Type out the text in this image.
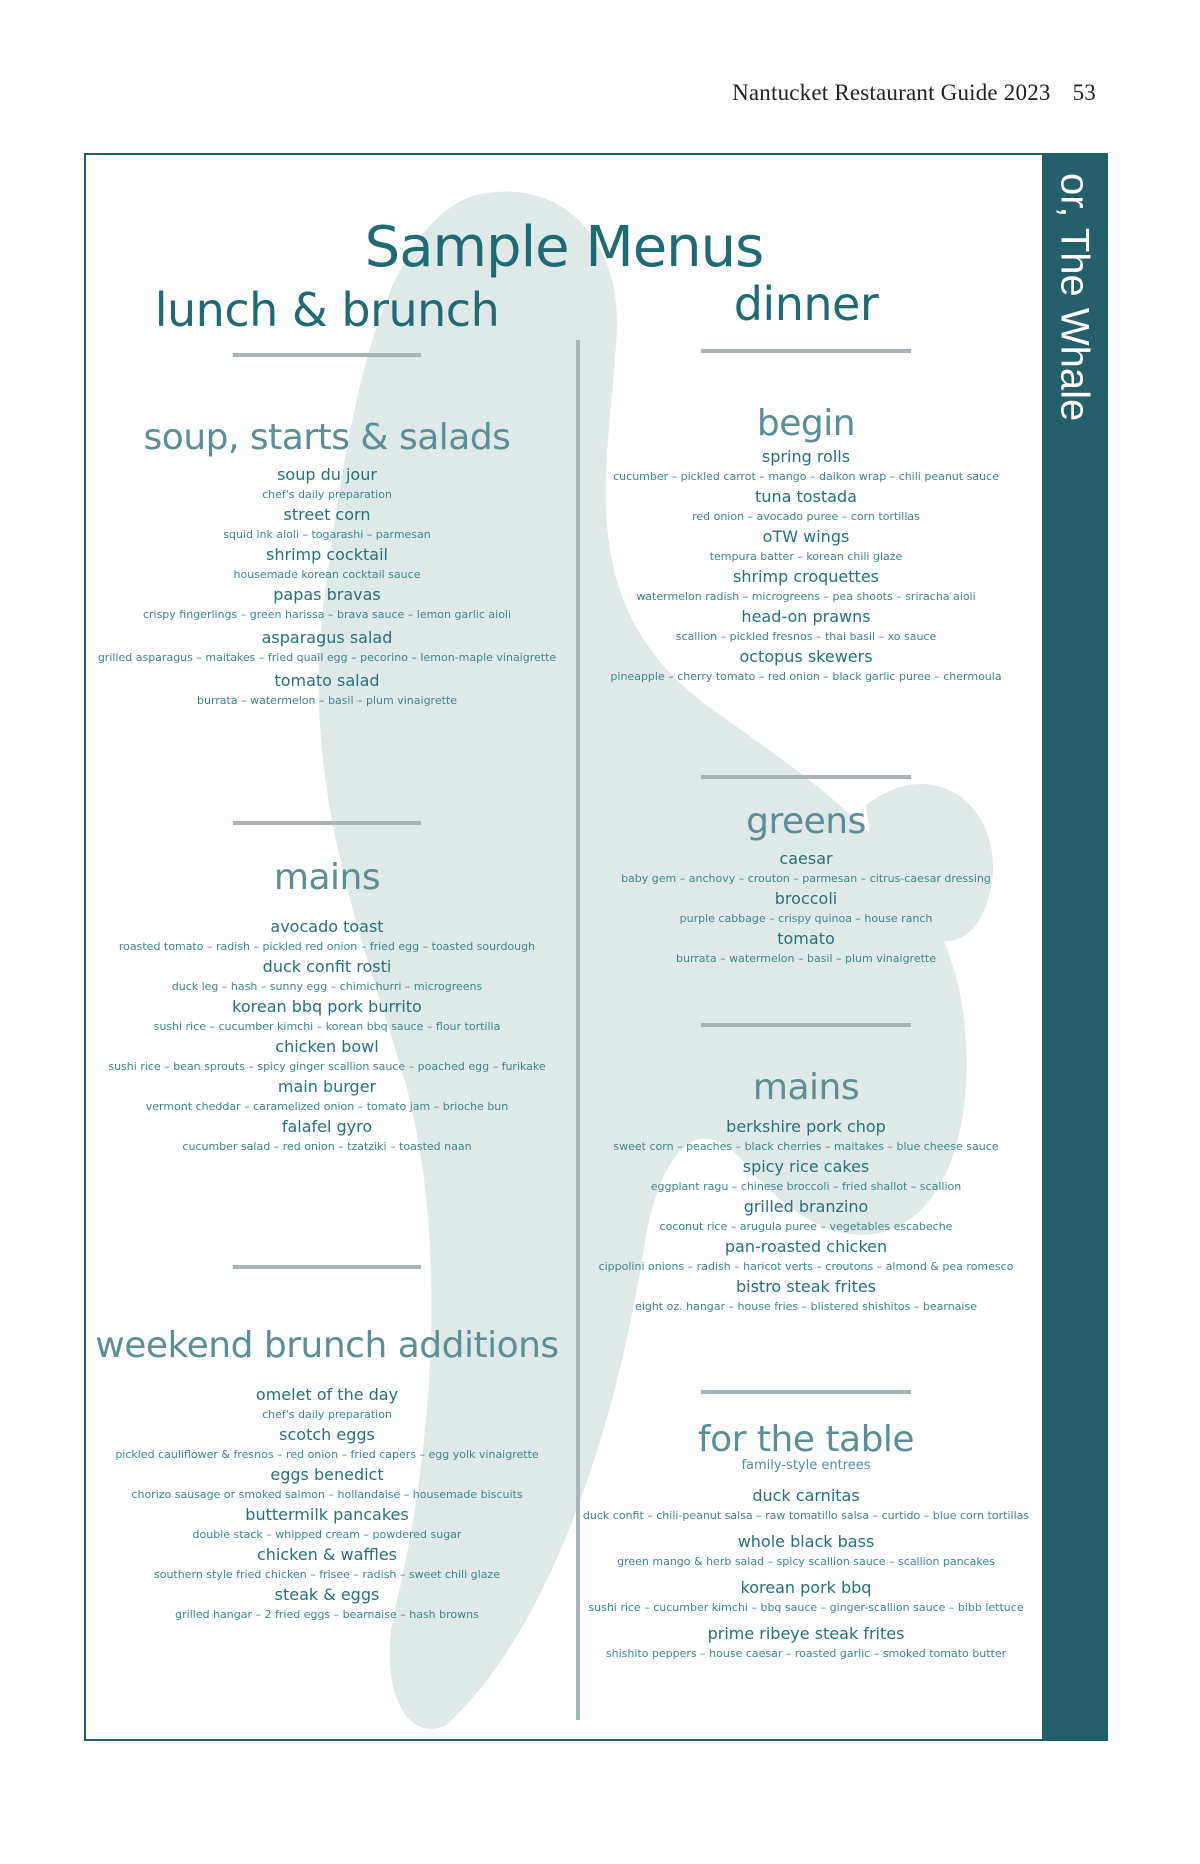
Nantucket Restaurant Guide 2023 53
Sample Menus
lunch & brunch
soup, starts & salads
soup du jour
chef's daily preparation
street corn
squid ink aioli – togarashi – parmesan
shrimp cocktail
housemade korean cocktail sauce
papas bravas
crispy fingerlings – green harissa – brava sauce – lemon garlic aioli
asparagus salad
grilled asparagus – maitakes – fried quail egg – pecorino – lemon-maple vinaigrette
tomato salad
burrata – watermelon – basil – plum vinaigrette
mains
avocado toast
roasted tomato – radish – pickled red onion – fried egg – toasted sourdough
duck confit rosti
duck leg – hash – sunny egg – chimichurri – microgreens
korean bbq pork burrito
sushi rice – cucumber kimchi – korean bbq sauce – flour tortilla
chicken bowl
sushi rice – bean sprouts – spicy ginger scallion sauce – poached egg – furikake
main burger
vermont cheddar – caramelized onion – tomato jam – brioche bun
falafel gyro
cucumber salad – red onion – tzatziki – toasted naan
weekend brunch additions
omelet of the day
chef's daily preparation
scotch eggs
pickled cauliflower & fresnos – red onion – fried capers – egg yolk vinaigrette
eggs benedict
chorizo sausage or smoked salmon – hollandaise – housemade biscuits
buttermilk pancakes
double stack – whipped cream – powdered sugar
chicken & waffles
southern style fried chicken – frisee – radish – sweet chili glaze
steak & eggs
grilled hangar – 2 fried eggs – bearnaise – hash browns
dinner
begin
spring rolls
cucumber – pickled carrot – mango – daikon wrap – chili peanut sauce
tuna tostada
red onion – avocado puree – corn tortillas
oTW wings
tempura batter – korean chili glaze
shrimp croquettes
watermelon radish – microgreens – pea shoots – sriracha aioli
head-on prawns
scallion – pickled fresnos – thai basil – xo sauce
octopus skewers
pineapple – cherry tomato – red onion – black garlic puree – chermoula
greens
caesar
baby gem – anchovy – crouton – parmesan – citrus-caesar dressing
broccoli
purple cabbage – crispy quinoa – house ranch
tomato
burrata – watermelon – basil – plum vinaigrette
mains
berkshire pork chop
sweet corn – peaches – black cherries – maitakes – blue cheese sauce
spicy rice cakes
eggplant ragu – chinese broccoli – fried shallot – scallion
grilled branzino
coconut rice – arugula puree – vegetables escabeche
pan-roasted chicken
cippolini onions – radish – haricot verts – croutons – almond & pea romesco
bistro steak frites
eight oz. hangar – house fries – blistered shishitos – bearnaise
for the table
family-style entrees
duck carnitas
duck confit – chili-peanut salsa – raw tomatillo salsa – curtido – blue corn tortillas
whole black bass
green mango & herb salad – spicy scallion sauce – scallion pancakes
korean pork bbq
sushi rice – cucumber kimchi – bbq sauce – ginger-scallion sauce – bibb lettuce
prime ribeye steak frites
shishito peppers – house caesar – roasted garlic – smoked tomato butter
or, The Whale
